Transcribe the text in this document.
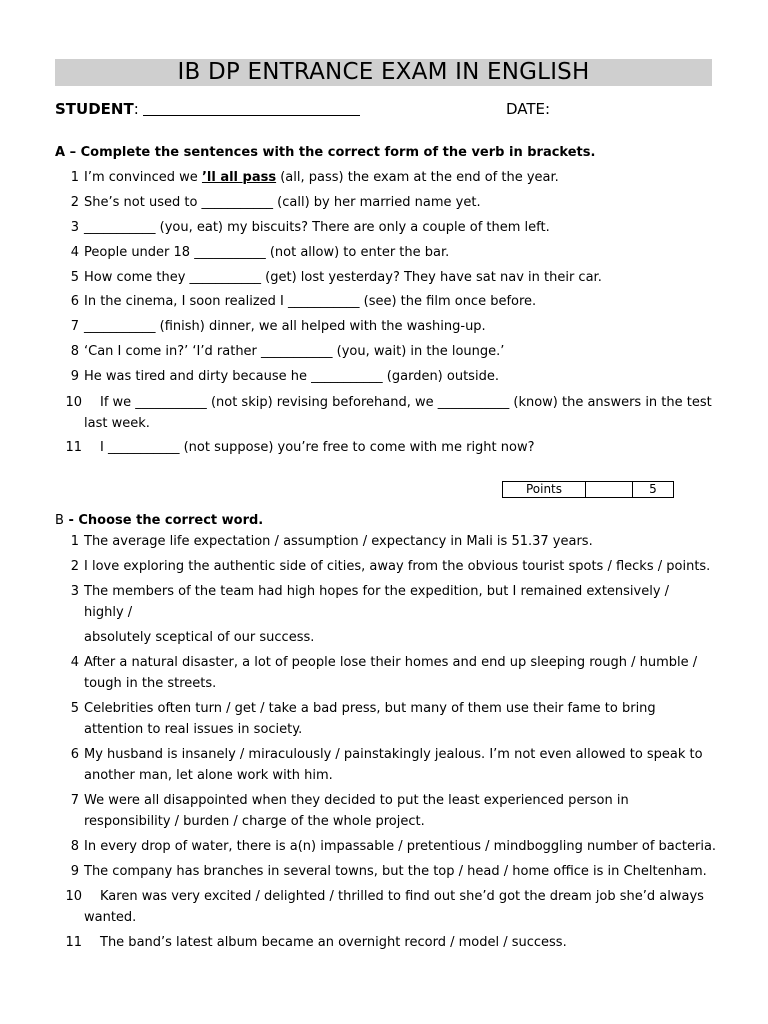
IB DP ENTRANCE EXAM IN ENGLISH
STUDENT:	DATE:
A – Complete the sentences with the correct form of the verb in brackets.
1 I’m convinced we ’ll all pass (all, pass) the exam at the end of the year.
2 She’s not used to ___________ (call) by her married name yet.
3 ___________ (you, eat) my biscuits? There are only a couple of them left.
4 People under 18 ___________ (not allow) to enter the bar.
5 How come they ___________ (get) lost yesterday? They have sat nav in their car.
6 In the cinema, I soon realized I ___________ (see) the film once before.
7 ___________ (finish) dinner, we all helped with the washing-up.
8 ‘Can I come in?’ ‘I’d rather ___________ (you, wait) in the lounge.’
9 He was tired and dirty because he ___________ (garden) outside.
10	If we ___________ (not skip) revising beforehand, we ___________ (know) the answers in the test last week.
11	I ___________ (not suppose) you’re free to come with me right now?
Points	5
B - Choose the correct word.
1 The average life expectation / assumption / expectancy in Mali is 51.37 years.
2 I love exploring the authentic side of cities, away from the obvious tourist spots / flecks / points.
3 The members of the team had high hopes for the expedition, but I remained extensively / highly /
absolutely sceptical of our success.
4 After a natural disaster, a lot of people lose their homes and end up sleeping rough / humble / tough in the streets.
5 Celebrities often turn / get / take a bad press, but many of them use their fame to bring attention to real issues in society.
6 My husband is insanely / miraculously / painstakingly jealous. I’m not even allowed to speak to another man, let alone work with him.
7 We were all disappointed when they decided to put the least experienced person in responsibility / burden / charge of the whole project.
8 In every drop of water, there is a(n) impassable / pretentious / mindboggling number of bacteria.
9 The company has branches in several towns, but the top / head / home office is in Cheltenham.
10	Karen was very excited / delighted / thrilled to find out she’d got the dream job she’d always wanted.
11	The band’s latest album became an overnight record / model / success.
